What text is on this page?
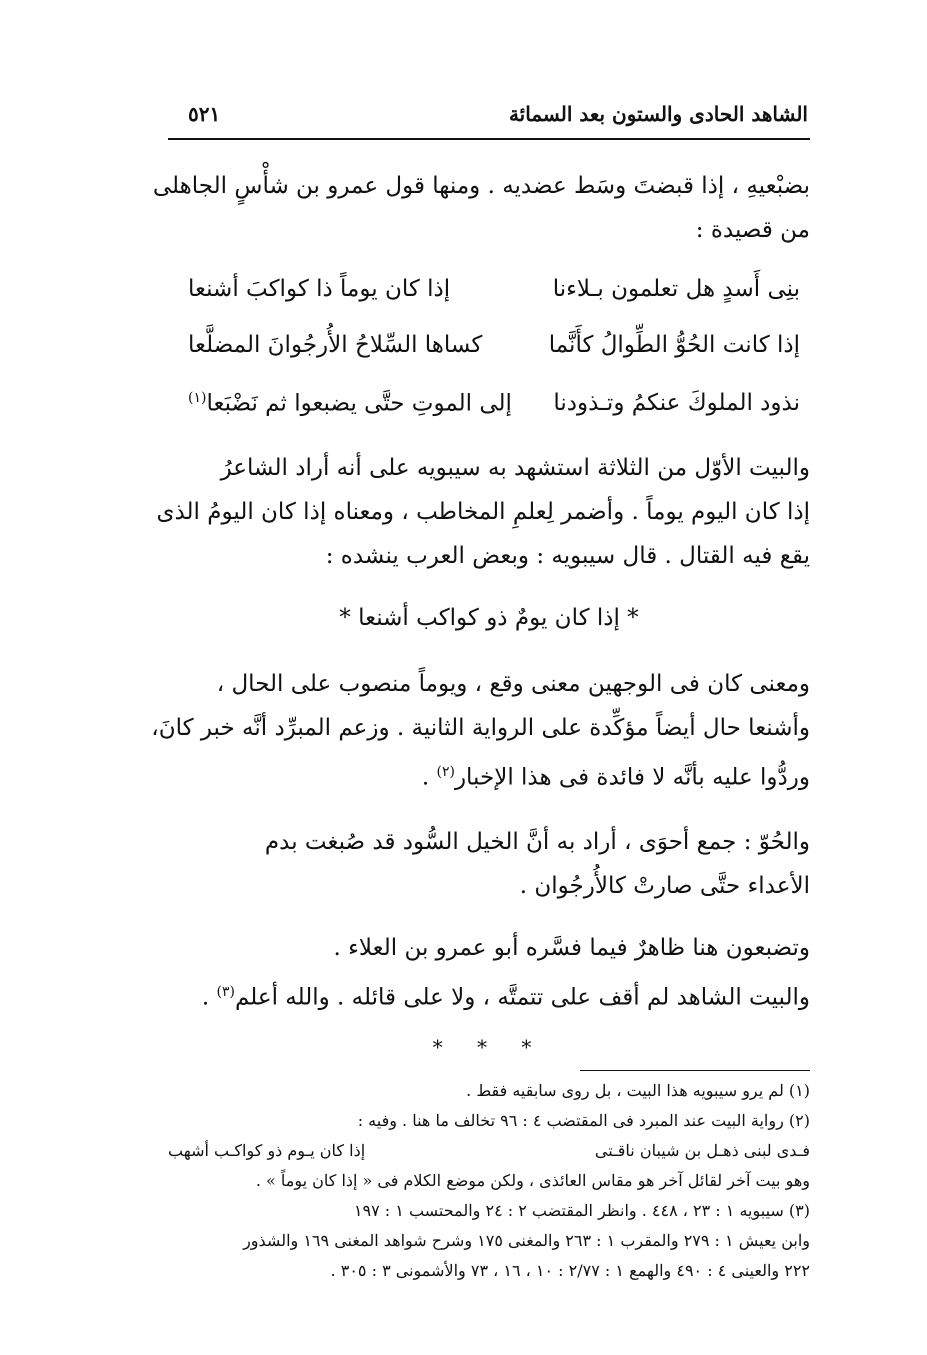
الشاهد الحادى والستون بعد السمائة
٥٢١
بضبْعيهِ ، إذا قبضتَ وسَط عضديه . ومنها قول عمرو بن شأْسٍ الجاهلى
من قصيدة :
بنِى أَسدٍ هل تعلمون بـلاءنا
إذا كان يوماً ذا كواكبَ أشنعا
إذا كانت الحُوُّ الطِّوالُ كأَنَّما
كساها السِّلاحُ الأُرجُوانَ المضلَّعا
نذود الملوكَ عنكمُ وتـذودنا
إلى الموتِ حتَّى يضبعوا ثم نَضْبَعا$^{(١)}$
والبيت الأوّل من الثلاثة استشهد به سيبويه على أنه أراد الشاعرُ
إذا كان اليوم يوماً . وأضمر لِعلمِ المخاطب ، ومعناه إذا كان اليومُ الذى
يقع فيه القتال . قال سيبويه : وبعض العرب ينشده :
* إذا كان يومٌ ذو كواكب أشنعا *
ومعنى كان فى الوجهين معنى وقع ، ويوماً منصوب على الحال ،
وأشنعا حال أيضاً مؤكِّدة على الرواية الثانية . وزعم المبرِّد أنَّه خبر كانَ،
وردُّوا عليه بأنَّه لا فائدة فى هذا الإخبار$^{(٢)}$ .
والحُوّ : جمع أحوَى ، أراد به أنَّ الخيل السُّود قد صُبغت بدم
الأعداء حتَّى صارتْ كالأُرجُوان .
وتضبعون هنا ظاهرٌ فيما فسَّره أبو عمرو بن العلاء .
والبيت الشاهد لم أقف على تتمتَّه ، ولا على قائله . والله أعلم$^{(٣)}$ .
* * *
(١) لم يرو سيبويه هذا البيت ، بل روى سابقيه فقط .
(٢) رواية البيت عند المبرد فى المقتضب ٤ : ٩٦ تخالف ما هنا . وفيه :
فـدى لبنى ذهـل بن شيبان ناقـتى
إذا كان يـوم ذو كواكـب أشهب
وهو بيت آخر لقائل آخر هو مقاس العائذى ، ولكن موضع الكلام فى « إذا كان يوماً » .
(٣) سيبويه ١ : ٢٣ ، ٤٤٨ . وانظر المقتضب ٢ : ٢٤ والمحتسب ١ : ١٩٧
وابن يعيش ١ : ٢٧٩ والمقرب ١ : ٢٦٣ والمغنى ١٧٥ وشرح شواهد المغنى ١٦٩ والشذور
٢٢٢ والعينى ٤ : ٤٩٠ والهمع ١ : ٢/٧٧ : ١٠ ، ١٦ ، ٧٣ والأشمونى ٣ : ٣٠٥ .
